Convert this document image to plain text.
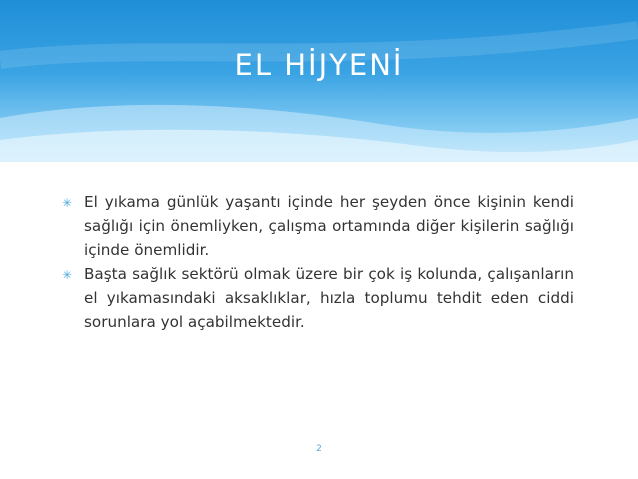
EL HİJYENİ

✳ El yıkama günlük yaşantı içinde her şeyden önce kişinin kendi sağlığı için önemliyken, çalışma ortamında diğer kişilerin sağlığı içinde önemlidir.

✳ Başta sağlık sektörü olmak üzere bir çok iş kolunda, çalışanların el yıkamasındaki aksaklıklar, hızla toplumu tehdit eden ciddi sorunlara yol açabilmektedir.

2
